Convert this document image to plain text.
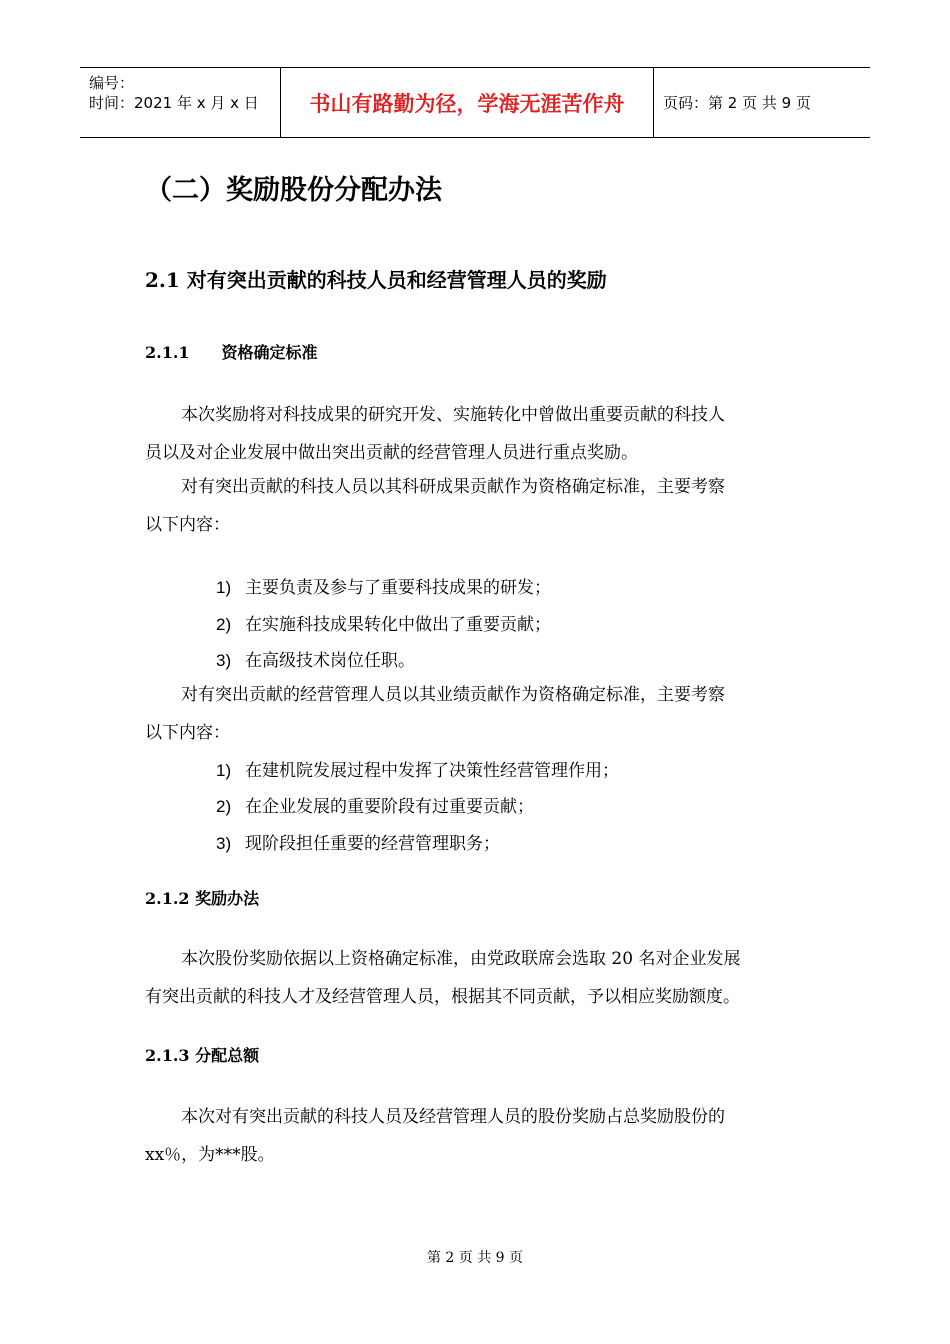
编号：
时间：2021 年 x 月 x 日	书山有路勤为径，学海无涯苦作舟	页码：第 2 页 共 9 页
（二）奖励股份分配办法
2.1 对有突出贡献的科技人员和经营管理人员的奖励
2.1.1 资格确定标准
本次奖励将对科技成果的研究开发、实施转化中曾做出重要贡献的科技人
员以及对企业发展中做出突出贡献的经营管理人员进行重点奖励。
对有突出贡献的科技人员以其科研成果贡献作为资格确定标准，主要考察
以下内容：
1) 主要负责及参与了重要科技成果的研发；
2) 在实施科技成果转化中做出了重要贡献；
3) 在高级技术岗位任职。
对有突出贡献的经营管理人员以其业绩贡献作为资格确定标准，主要考察
以下内容：
1) 在建机院发展过程中发挥了决策性经营管理作用；
2) 在企业发展的重要阶段有过重要贡献；
3) 现阶段担任重要的经营管理职务；
2.1.2 奖励办法
本次股份奖励依据以上资格确定标准，由党政联席会选取 20 名对企业发展
有突出贡献的科技人才及经营管理人员，根据其不同贡献，予以相应奖励额度。
2.1.3 分配总额
本次对有突出贡献的科技人员及经营管理人员的股份奖励占总奖励股份的
xx％，为***股。
第 2 页 共 9 页
